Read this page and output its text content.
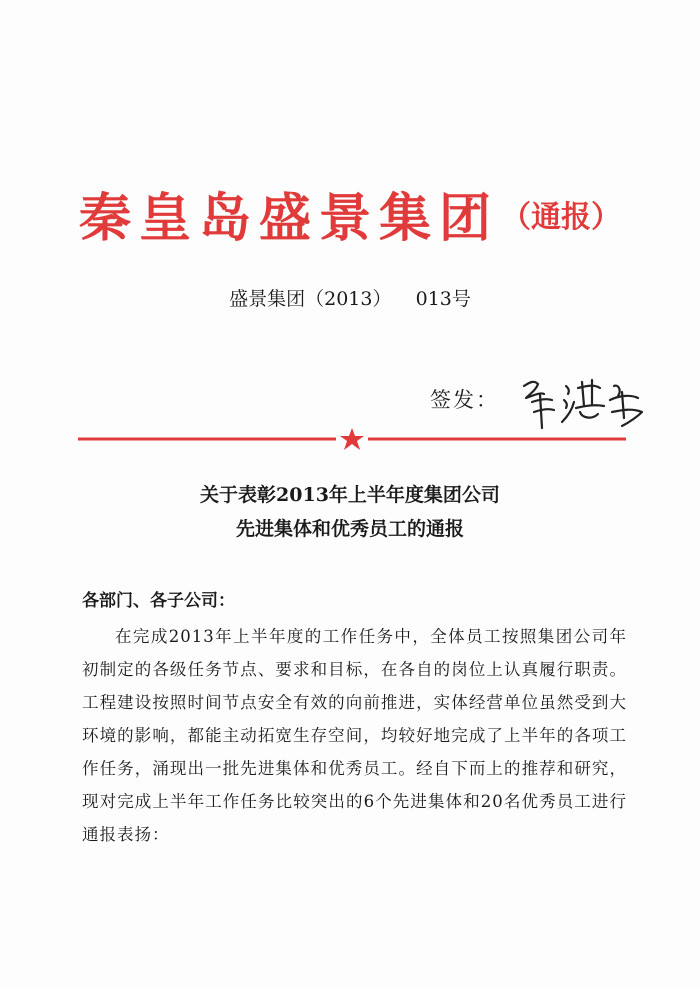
秦皇岛盛景集团（通报）
盛景集团（2013）    013号
签发：
关于表彰2013年上半年度集团公司
先进集体和优秀员工的通报
各部门、各子公司：
在完成2013年上半年度的工作任务中，全体员工按照集团公司年初制定的各级任务节点、要求和目标，在各自的岗位上认真履行职责。工程建设按照时间节点安全有效的向前推进，实体经营单位虽然受到大环境的影响，都能主动拓宽生存空间，均较好地完成了上半年的各项工作任务，涌现出一批先进集体和优秀员工。经自下而上的推荐和研究，现对完成上半年工作任务比较突出的6个先进集体和20名优秀员工进行通报表扬：
